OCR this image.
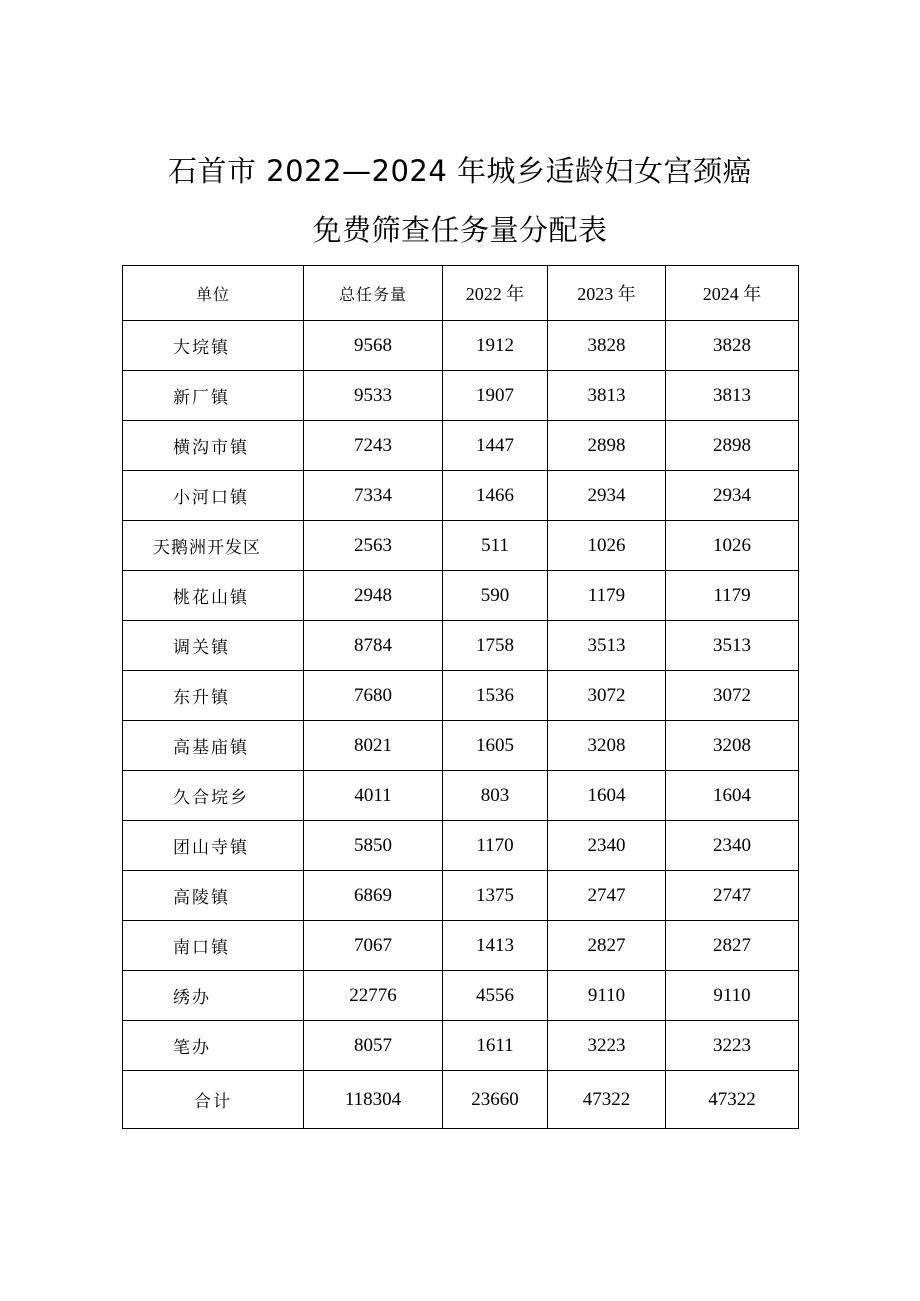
石首市 2022—2024 年城乡适龄妇女宫颈癌
免费筛查任务量分配表
单位	总任务量	2022 年	2023 年	2024 年
大垸镇	9568	1912	3828	3828
新厂镇	9533	1907	3813	3813
横沟市镇	7243	1447	2898	2898
小河口镇	7334	1466	2934	2934
天鹅洲开发区	2563	511	1026	1026
桃花山镇	2948	590	1179	1179
调关镇	8784	1758	3513	3513
东升镇	7680	1536	3072	3072
高基庙镇	8021	1605	3208	3208
久合垸乡	4011	803	1604	1604
团山寺镇	5850	1170	2340	2340
高陵镇	6869	1375	2747	2747
南口镇	7067	1413	2827	2827
绣办	22776	4556	9110	9110
笔办	8057	1611	3223	3223
合计	118304	23660	47322	47322
